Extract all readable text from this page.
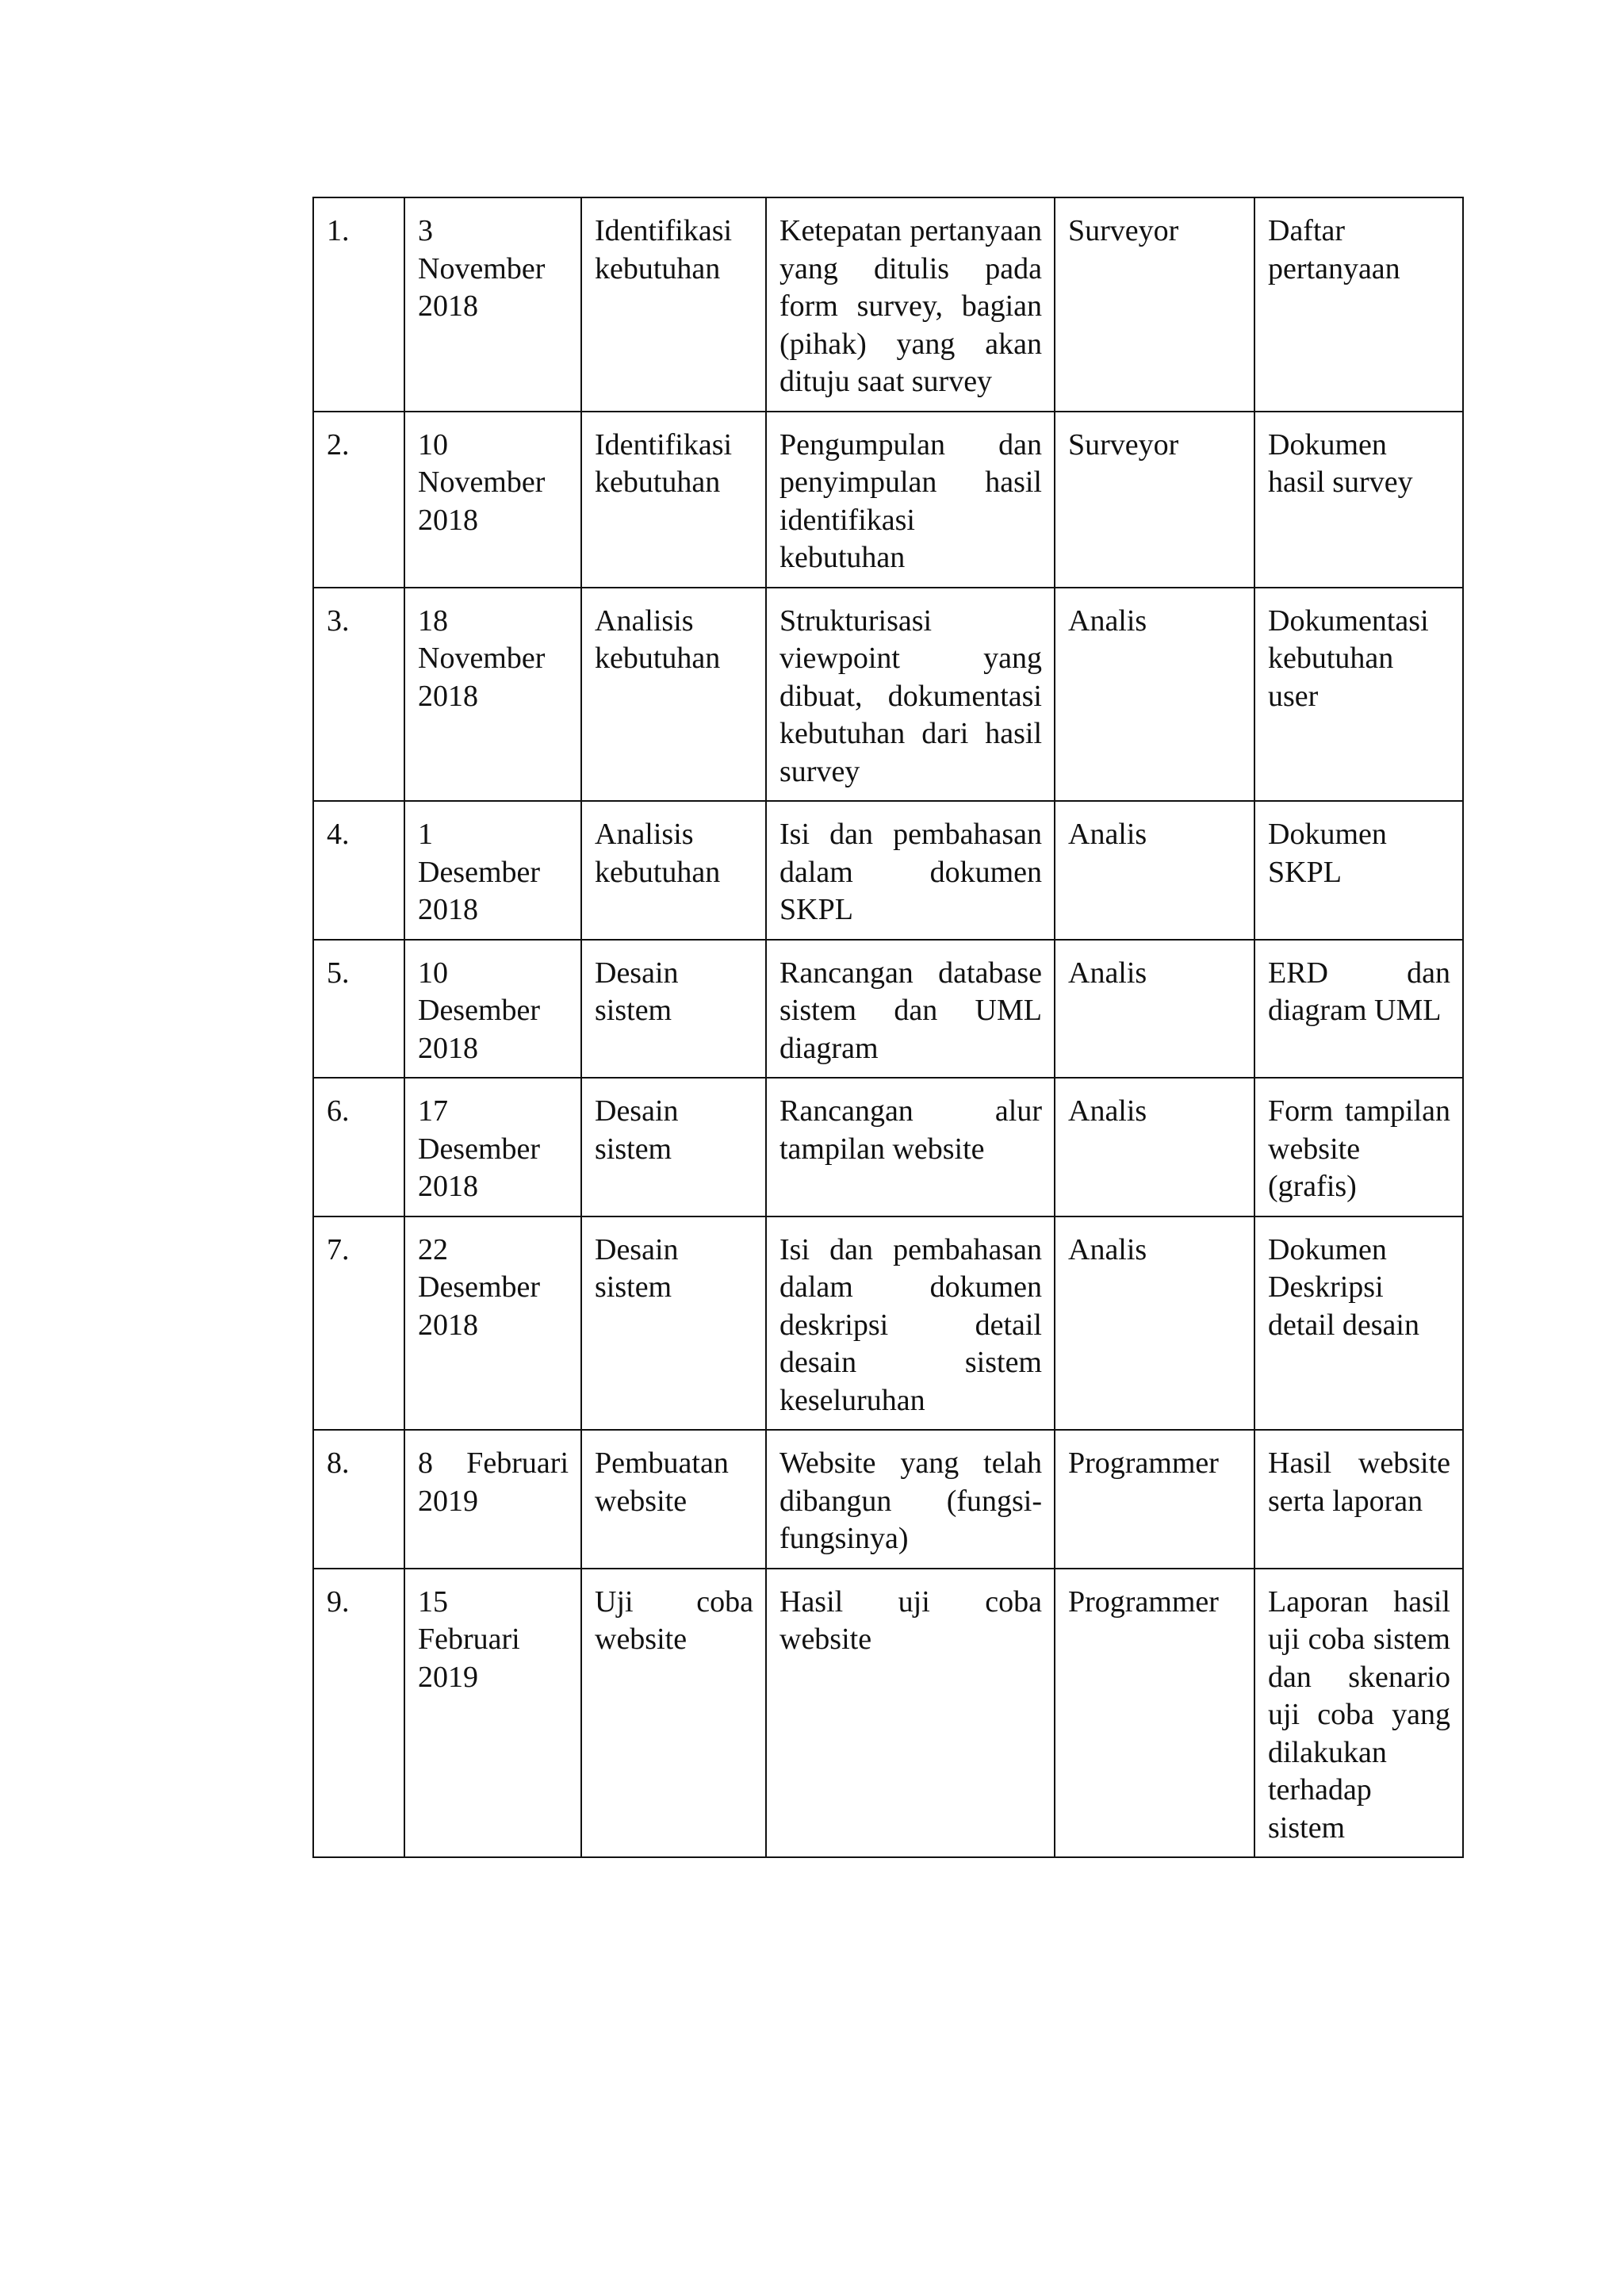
1.	3
November
2018	Identifikasi kebutuhan	Ketepatan pertanyaan yang ditulis pada form survey, bagian (pihak) yang akan dituju saat survey	Surveyor	Daftar pertanyaan

2.	10
November
2018	Identifikasi kebutuhan	Pengumpulan dan penyimpulan hasil identifikasi kebutuhan	Surveyor	Dokumen hasil survey

3.	18
November
2018	Analisis kebutuhan	Strukturisasi viewpoint yang dibuat, dokumentasi kebutuhan dari hasil survey	Analis	Dokumentasi kebutuhan user

4.	1
Desember
2018	Analisis kebutuhan	Isi dan pembahasan dalam dokumen SKPL	Analis	Dokumen SKPL

5.	10
Desember
2018	Desain sistem	Rancangan database sistem dan UML diagram	Analis	ERD dan diagram UML

6.	17
Desember
2018	Desain sistem	Rancangan alur tampilan website	Analis	Form tampilan website (grafis)

7.	22
Desember
2018	Desain sistem	Isi dan pembahasan dalam dokumen deskripsi detail desain sistem keseluruhan	Analis	Dokumen Deskripsi detail desain

8.	8 Februari 2019	Pembuatan website	Website yang telah dibangun (fungsi-fungsinya)	Programmer	Hasil website serta laporan

9.	15
Februari
2019	Uji coba website	Hasil uji coba website	Programmer	Laporan hasil uji coba sistem dan skenario uji coba yang dilakukan terhadap sistem
